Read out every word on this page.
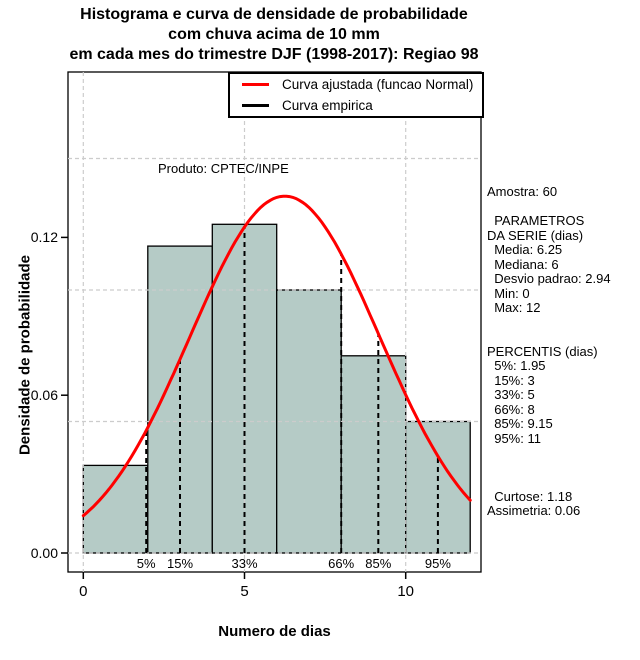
Histograma e curva de densidade de probabilidade
com chuva acima de 10 mm
em cada mes do trimestre DJF (1998-2017): Regiao 98
0	5	10
0.00
0.06
0.12
5% 15%	33%	66% 85%	95%
Produto: CPTEC/INPE
Curva ajustada (funcao Normal)
Curva empirica
Amostra: 60
PARAMETROS
DA SERIE (dias)
Media: 6.25
Mediana: 6
Desvio padrao: 2.94
Min: 0
Max: 12
PERCENTIS (dias)
5%: 1.95
15%: 3
33%: 5
66%: 8
85%: 9.15
95%: 11
Curtose: 1.18
Assimetria: 0.06
Numero de dias
Densidade de probabilidade
